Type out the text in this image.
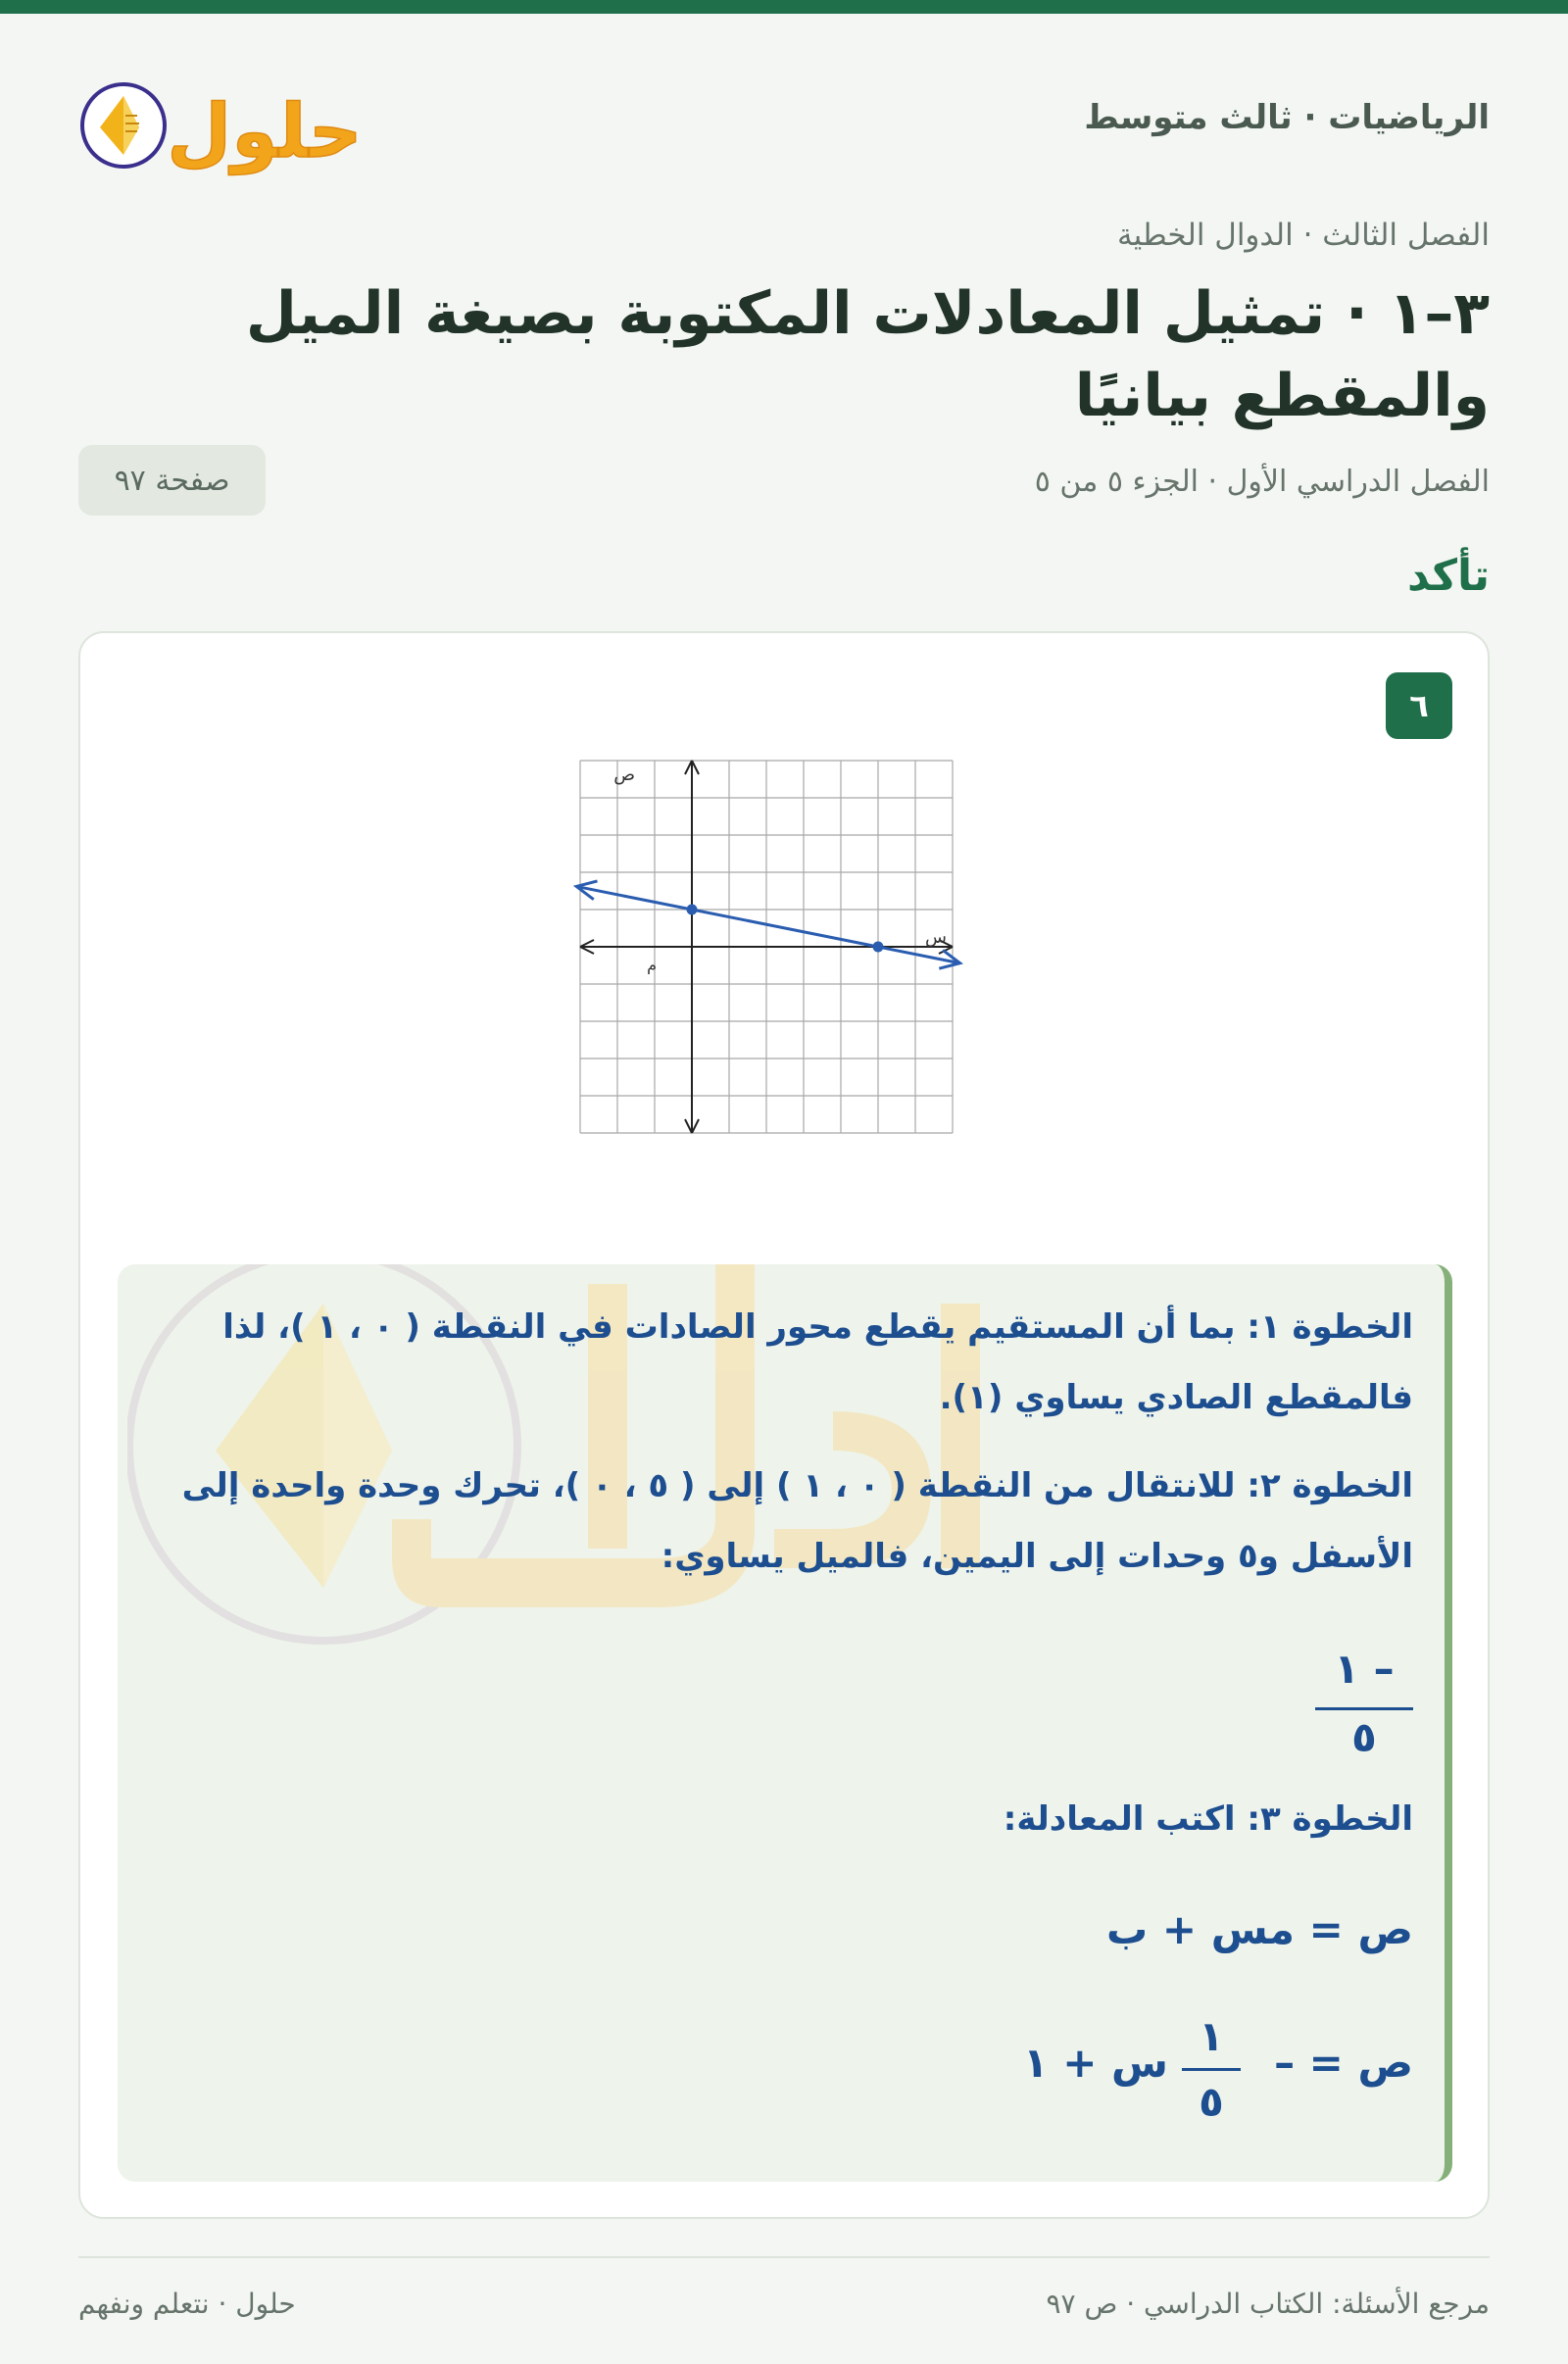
الرياضيات · ثالث متوسط
حلول
الفصل الثالث · الدوال الخطية
٣–١ · تمثيل المعادلات المكتوبة بصيغة الميل والمقطع بيانيًا
الفصل الدراسي الأول · الجزء ٥ من ٥
صفحة ٩٧
تأكد
٦
ص
س
م
الخطوة ١: بما أن المستقيم يقطع محور الصادات في النقطة ( ٠ ، ١ )، لذا فالمقطع الصادي يساوي (١).
الخطوة ٢: للانتقال من النقطة ( ٠ ، ١ ) إلى ( ٥ ، ٠ )، تحرك وحدة واحدة إلى الأسفل و٥ وحدات إلى اليمين، فالميل يساوي:
– ١
٥
الخطوة ٣: اكتب المعادلة:
ص = مس + ب
ص = –
١
٥
س + ١
مرجع الأسئلة: الكتاب الدراسي · ص ٩٧
حلول · نتعلم ونفهم
